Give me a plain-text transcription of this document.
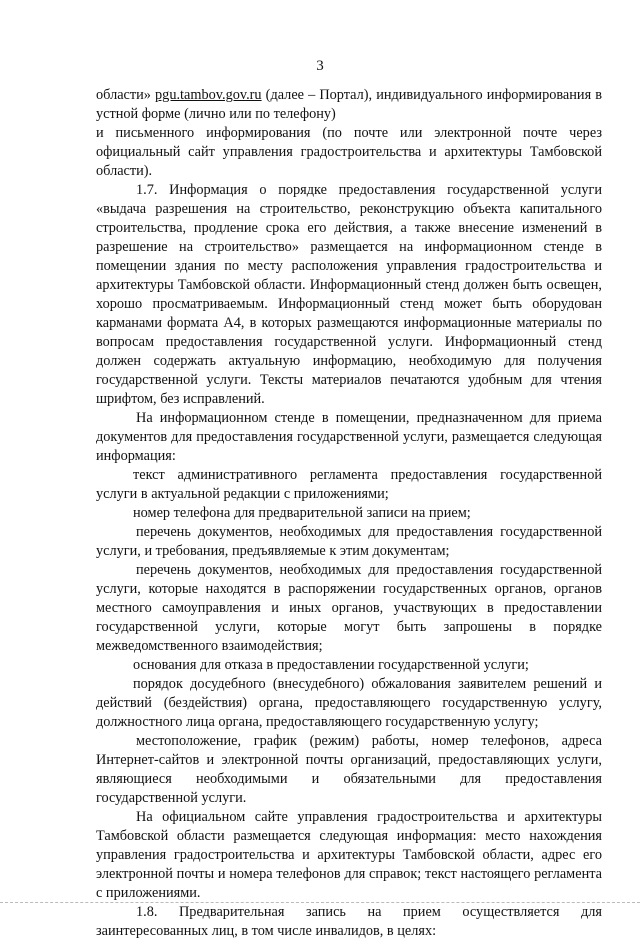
3

области» pgu.tambov.gov.ru (далее – Портал), индивидуального информирования в устной форме (лично или по телефону)

и письменного информирования (по почте или электронной почте через официальный сайт управления градостроительства и архитектуры Тамбовской области).

1.7. Информация о порядке предоставления государственной услуги «выдача разрешения на строительство, реконструкцию объекта капитального строительства, продление срока его действия, а также внесение изменений в разрешение на строительство» размещается на информационном стенде в помещении здания по месту расположения управления градостроительства и архитектуры Тамбовской области. Информационный стенд должен быть освещен, хорошо просматриваемым. Информационный стенд может быть оборудован карманами формата А4, в которых размещаются информационные материалы по вопросам предоставления государственной услуги. Информационный стенд должен содержать актуальную информацию, необходимую для получения государственной услуги. Тексты материалов печатаются удобным для чтения шрифтом, без исправлений.

На информационном стенде в помещении, предназначенном для приема документов для предоставления государственной услуги, размещается следующая информация:

текст административного регламента предоставления государственной услуги в актуальной редакции с приложениями;

номер телефона для предварительной записи на прием;

перечень документов, необходимых для предоставления государственной услуги, и требования, предъявляемые к этим документам;

перечень документов, необходимых для предоставления государственной услуги, которые находятся в распоряжении государственных органов, органов местного самоуправления и иных органов, участвующих в предоставлении государственной услуги, которые могут быть запрошены в порядке межведомственного взаимодействия;

основания для отказа в предоставлении государственной услуги;

порядок досудебного (внесудебного) обжалования заявителем решений и действий (бездействия) органа, предоставляющего государственную услугу, должностного лица органа, предоставляющего государственную услугу;

местоположение, график (режим) работы, номер телефонов, адреса Интернет-сайтов и электронной почты организаций, предоставляющих услуги, являющиеся необходимыми и обязательными для предоставления государственной услуги.

На официальном сайте управления градостроительства и архитектуры Тамбовской области размещается следующая информация: место нахождения управления градостроительства и архитектуры Тамбовской области, адрес его электронной почты и номера телефонов для справок; текст настоящего регламента с приложениями.

1.8. Предварительная запись на прием осуществляется для заинтересованных лиц, в том числе инвалидов, в целях:
